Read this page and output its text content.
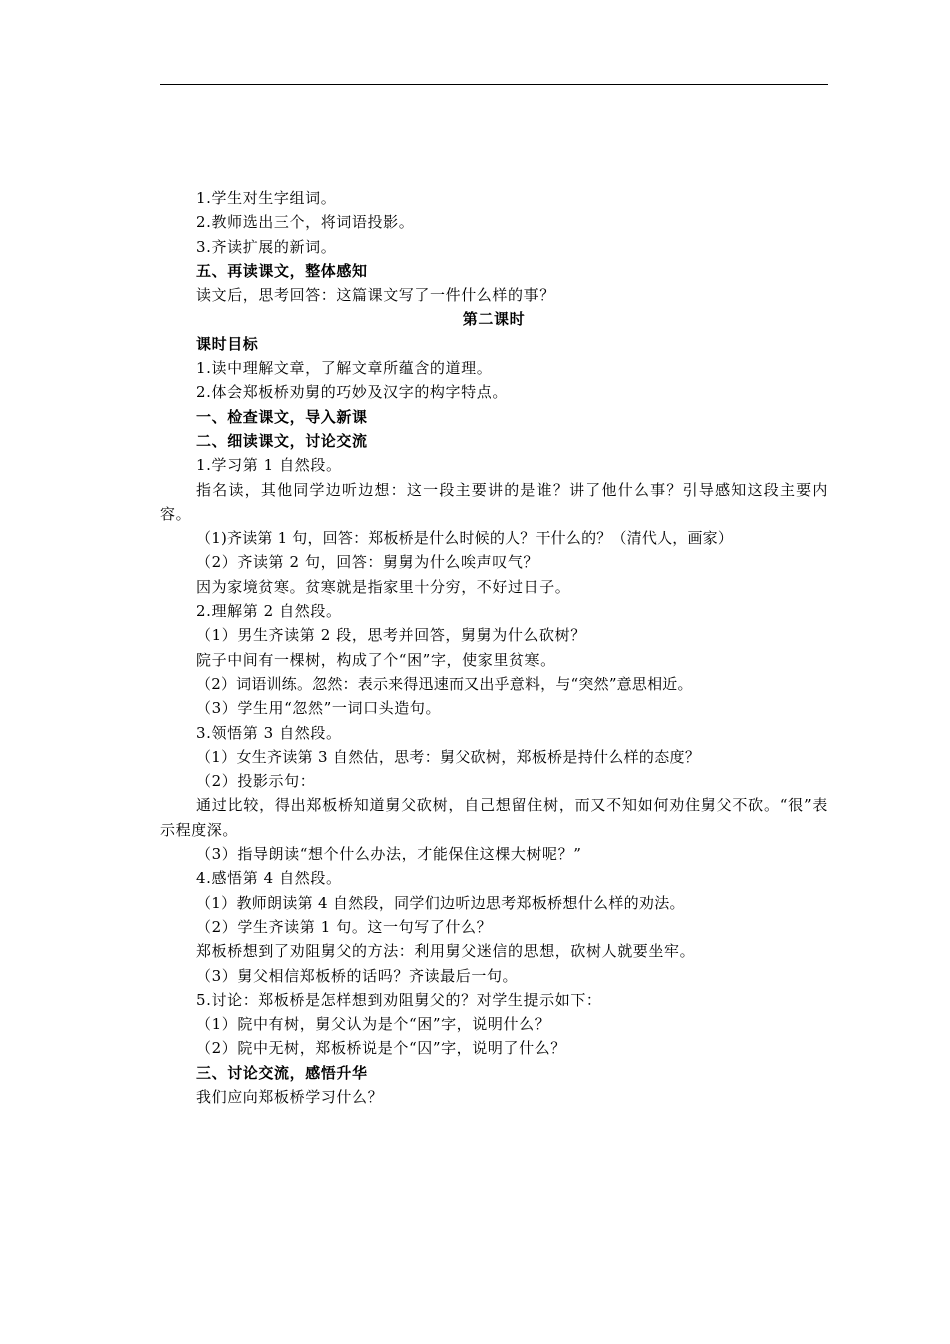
1.学生对生字组词。
2.教师选出三个，将词语投影。
3.齐读扩展的新词。
五、再读课文，整体感知
读文后，思考回答：这篇课文写了一件什么样的事？
第二课时
课时目标
1.读中理解文章，了解文章所蕴含的道理。
2.体会郑板桥劝舅的巧妙及汉字的构字特点。
一、检查课文，导入新课
二、细读课文，讨论交流
1.学习第 1 自然段。
指名读，其他同学边听边想：这一段主要讲的是谁？讲了他什么事？引导感知这段主要内容。
（1)齐读第 1 句，回答：郑板桥是什么时候的人？干什么的？（清代人，画家）
（2）齐读第 2 句，回答：舅舅为什么唉声叹气？
因为家境贫寒。贫寒就是指家里十分穷，不好过日子。
2.理解第 2 自然段。
（1）男生齐读第 2 段，思考并回答，舅舅为什么砍树？
院子中间有一棵树，构成了个“困”字，使家里贫寒。
（2）词语训练。忽然：表示来得迅速而又出乎意料，与“突然”意思相近。
（3）学生用“忽然”一词口头造句。
3.领悟第 3 自然段。
（1）女生齐读第 3 自然估，思考：舅父砍树，郑板桥是持什么样的态度？
（2）投影示句：
通过比较，得出郑板桥知道舅父砍树，自己想留住树，而又不知如何劝住舅父不砍。“很”表示程度深。
（3）指导朗读“想个什么办法，才能保住这棵大树呢？”
4.感悟第 4 自然段。
（1）教师朗读第 4 自然段，同学们边听边思考郑板桥想什么样的劝法。
（2）学生齐读第 1 句。这一句写了什么？
郑板桥想到了劝阻舅父的方法：利用舅父迷信的思想，砍树人就要坐牢。
（3）舅父相信郑板桥的话吗？齐读最后一句。
5.讨论：郑板桥是怎样想到劝阻舅父的？对学生提示如下：
（1）院中有树，舅父认为是个“困”字，说明什么？
（2）院中无树，郑板桥说是个“囚”字，说明了什么？
三、讨论交流，感悟升华
我们应向郑板桥学习什么？
